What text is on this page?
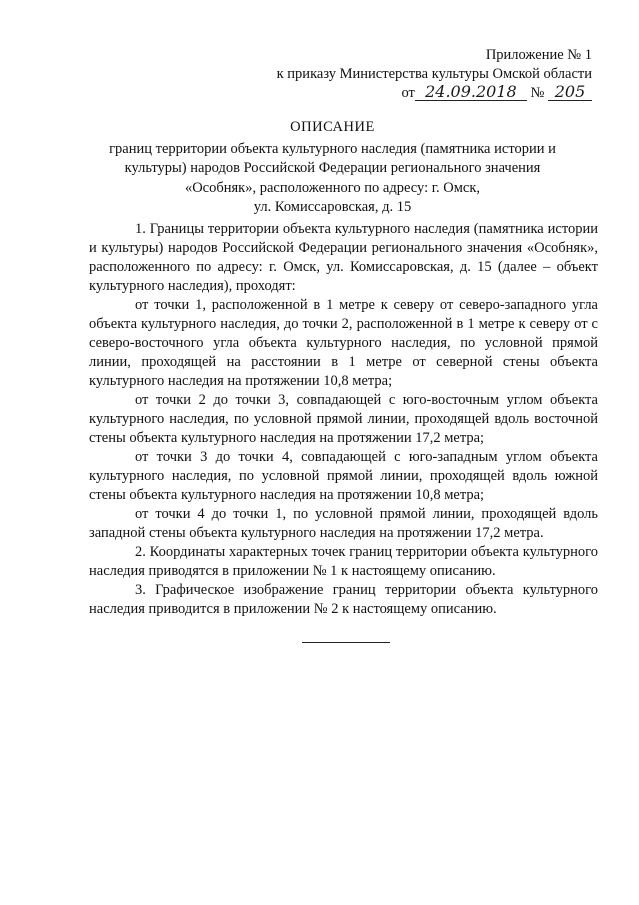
Приложение № 1
к приказу Министерства культуры Омской области
от 24.09.2018 № 205
ОПИСАНИЕ
границ территории объекта культурного наследия (памятника истории и
культуры) народов Российской Федерации регионального значения
«Особняк», расположенного по адресу: г. Омск,
ул. Комиссаровская, д. 15

1. Границы территории объекта культурного наследия (памятника истории и культуры) народов Российской Федерации регионального значения «Особняк», расположенного по адресу: г. Омск, ул. Комиссаровская, д. 15 (далее – объект культурного наследия), проходят:

от точки 1, расположенной в 1 метре к северу от северо-западного угла объекта культурного наследия, до точки 2, расположенной в 1 метре к северу от с северо-восточного угла объекта культурного наследия, по условной прямой линии, проходящей на расстоянии в 1 метре от северной стены объекта культурного наследия на протяжении 10,8 метра;

от точки 2 до точки 3, совпадающей с юго-восточным углом объекта культурного наследия, по условной прямой линии, проходящей вдоль восточной стены объекта культурного наследия на протяжении 17,2 метра;

от точки 3 до точки 4, совпадающей с юго-западным углом объекта культурного наследия, по условной прямой линии, проходящей вдоль южной стены объекта культурного наследия на протяжении 10,8 метра;

от точки 4 до точки 1, по условной прямой линии, проходящей вдоль западной стены объекта культурного наследия на протяжении 17,2 метра.

2. Координаты характерных точек границ территории объекта культурного наследия приводятся в приложении № 1 к настоящему описанию.

3. Графическое изображение границ территории объекта культурного наследия приводится в приложении № 2 к настоящему описанию.
